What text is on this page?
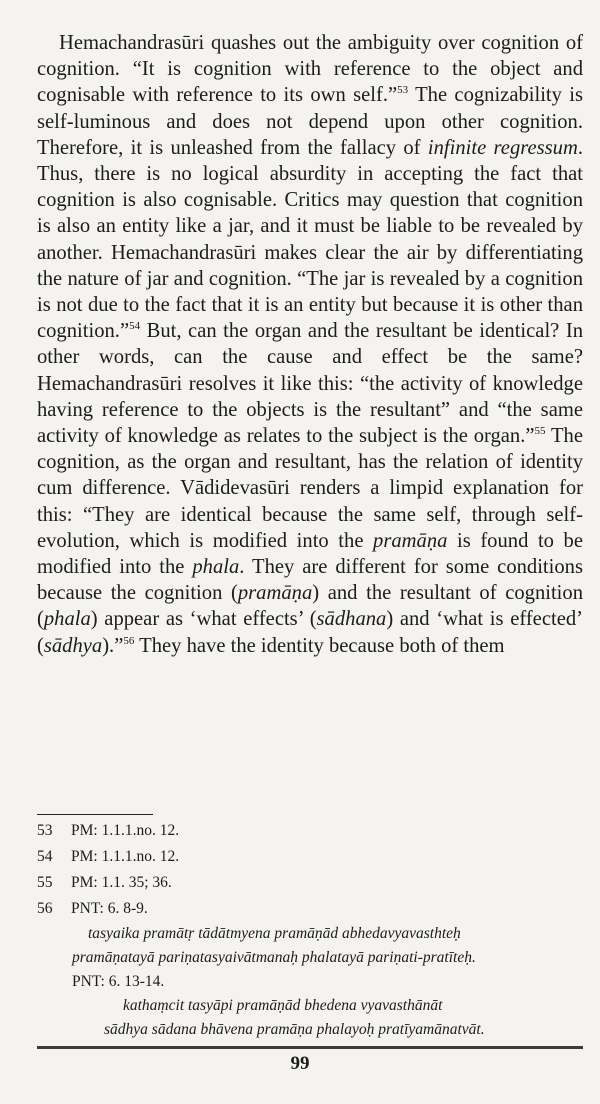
Hemachandrasūri quashes out the ambiguity over cognition of cognition. “It is cognition with reference to the object and cognisable with reference to its own self.”$^{53}$ The cognizability is self-luminous and does not depend upon other cognition. Therefore, it is unleashed from the fallacy of infinite regressum. Thus, there is no logical absurdity in accepting the fact that cognition is also cognisable. Critics may question that cognition is also an entity like a jar, and it must be liable to be revealed by another. Hemachandrasūri makes clear the air by differentiating the nature of jar and cognition. “The jar is revealed by a cognition is not due to the fact that it is an entity but because it is other than cognition.”$^{54}$ But, can the organ and the resultant be identical? In other words, can the cause and effect be the same? Hemachandrasūri resolves it like this: “the activity of knowledge having reference to the objects is the resultant” and “the same activity of knowledge as relates to the subject is the organ.”$^{55}$ The cognition, as the organ and resultant, has the relation of identity cum difference. Vādidevasūri renders a limpid explanation for this: “They are identical because the same self, through self-evolution, which is modified into the pramāṇa is found to be modified into the phala. They are different for some conditions because the cognition (pramāṇa) and the resultant of cognition (phala) appear as ‘what effects’ (sādhana) and ‘what is effected’ (sādhya).”$^{56}$ They have the identity because both of them

53 PM: 1.1.1.no. 12.
54 PM: 1.1.1.no. 12.
55 PM: 1.1. 35; 36.
56 PNT: 6. 8-9.
tasyaika pramātṛ tādātmyena pramāṇād abhedavyavasthteḥ
pramāṇatayā pariṇatasyaivātmanaḥ phalatayā pariṇati-pratīteḥ.
PNT: 6. 13-14.
kathaṃcit tasyāpi pramāṇād bhedena vyavasthānāt
sādhya sādana bhāvena pramāṇa phalayoḥ pratīyamānatvāt.
99
